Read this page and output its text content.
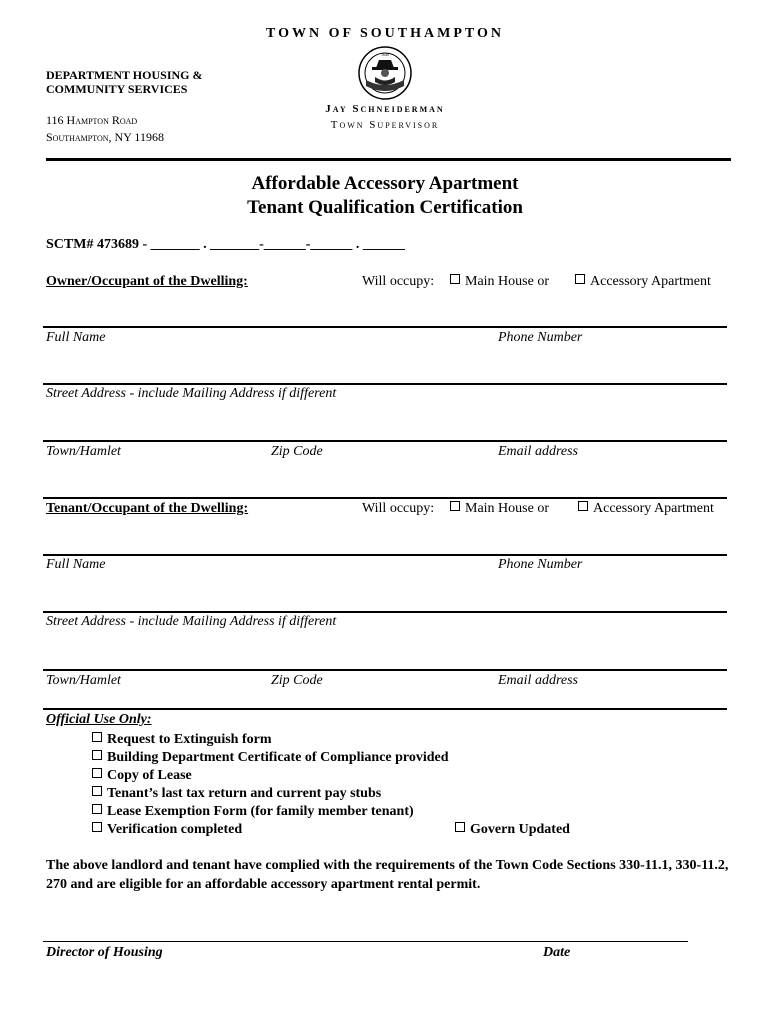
TOWN OF SOUTHAMPTON
DEPARTMENT HOUSING &
COMMUNITY SERVICES
116 Hampton Road
Southampton, NY 11968
1640
Jay Schneiderman
Town Supervisor
Affordable Accessory Apartment
Tenant Qualification Certification
SCTM# 473689 - _______ . _______-______-______ . ______
Owner/Occupant of the Dwelling:	Will occupy:	Main House or	Accessory Apartment
Full Name	Phone Number
Street Address - include Mailing Address if different
Town/Hamlet	Zip Code	Email address
Tenant/Occupant of the Dwelling:	Will occupy:	Main House or	Accessory Apartment
Full Name	Phone Number
Street Address - include Mailing Address if different
Town/Hamlet	Zip Code	Email address
Official Use Only:
Request to Extinguish form
Building Department Certificate of Compliance provided
Copy of Lease
Tenant’s last tax return and current pay stubs
Lease Exemption Form (for family member tenant)
Verification completed	Govern Updated
The above landlord and tenant have complied with the requirements of the Town Code Sections 330-11.1, 330-11.2, 270 and are eligible for an affordable accessory apartment rental permit.
Director of Housing	Date
